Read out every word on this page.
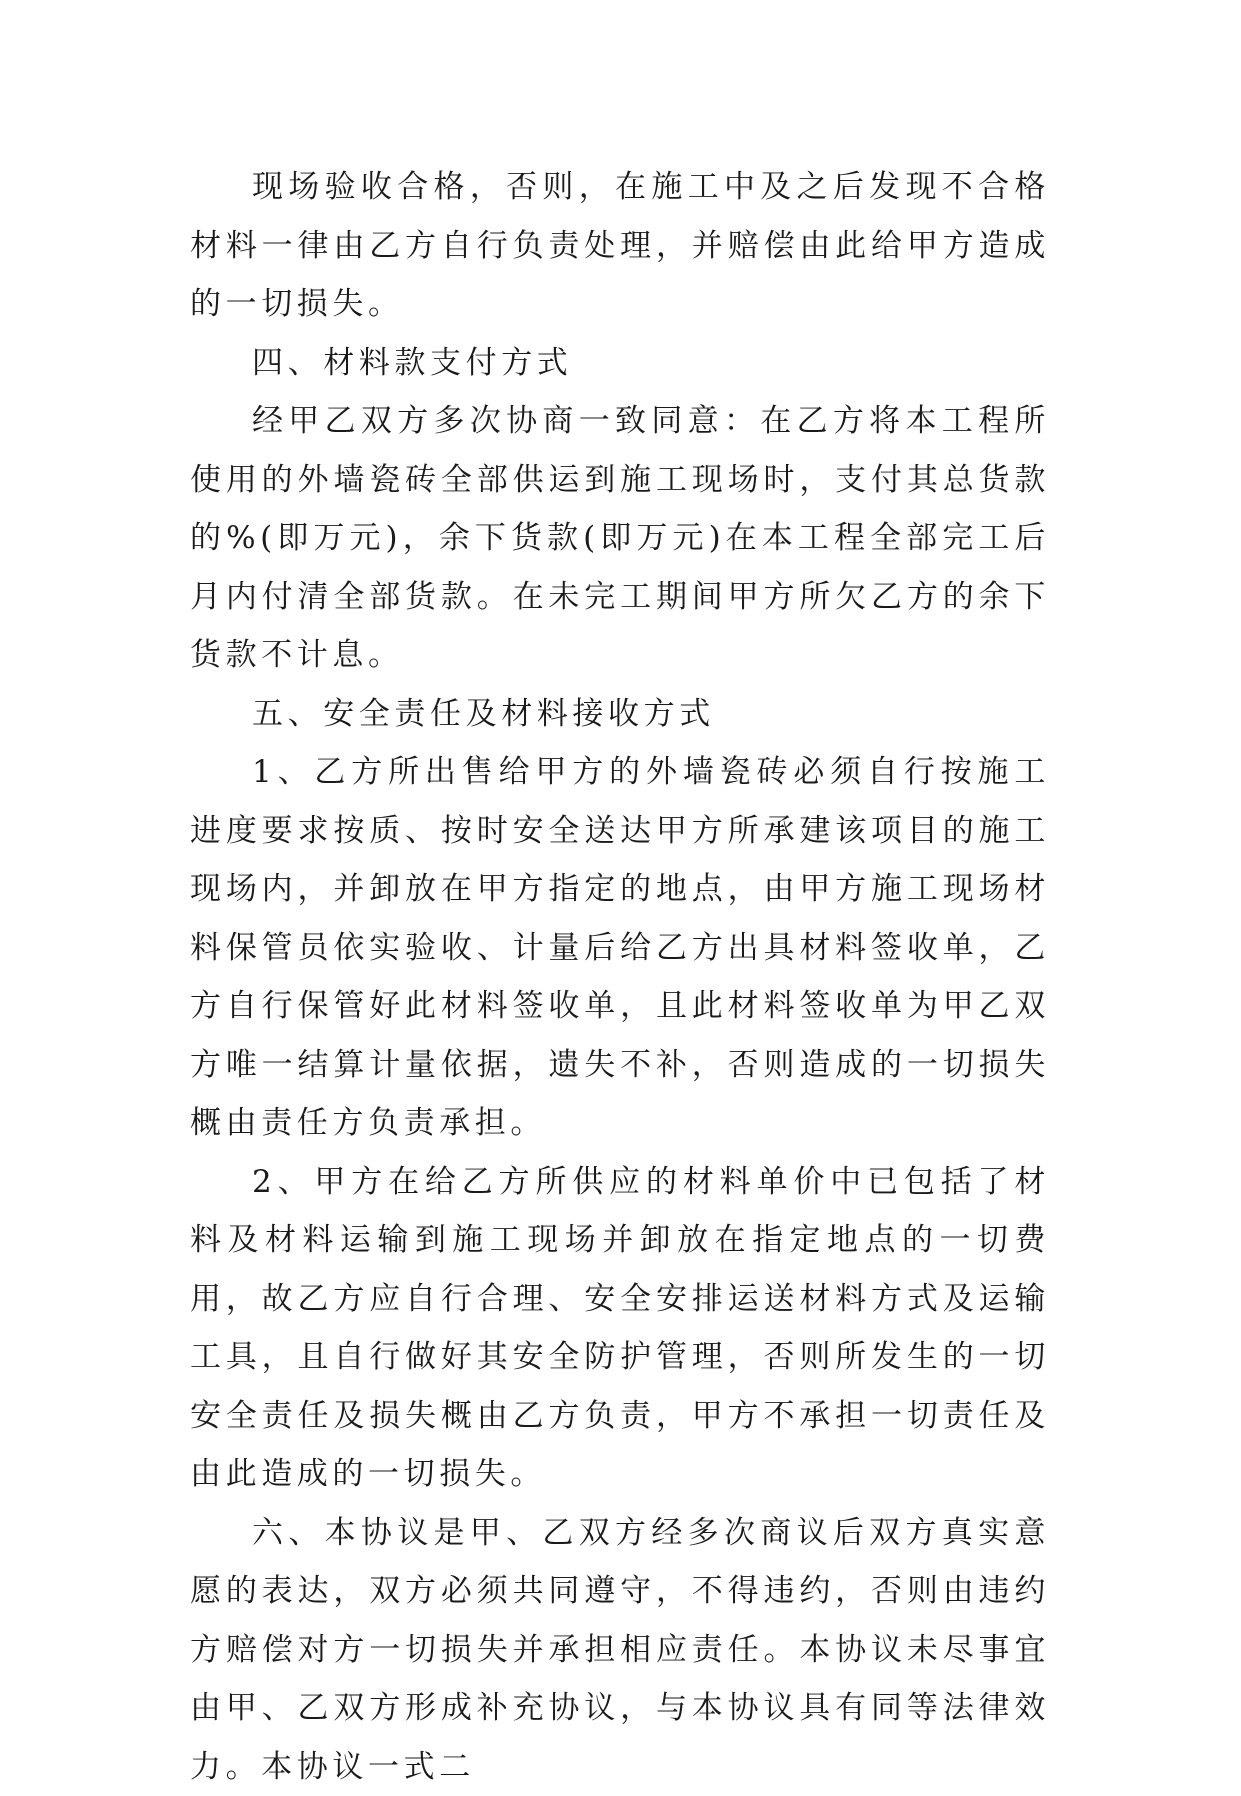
现场验收合格，否则，在施工中及之后发现不合格材料一律由乙方自行负责处理，并赔偿由此给甲方造成的一切损失。

四、材料款支付方式

经甲乙双方多次协商一致同意：在乙方将本工程所使用的外墙瓷砖全部供运到施工现场时，支付其总货款的%(即万元)，余下货款(即万元)在本工程全部完工后月内付清全部货款。在未完工期间甲方所欠乙方的余下货款不计息。

五、安全责任及材料接收方式

1、乙方所出售给甲方的外墙瓷砖必须自行按施工进度要求按质、按时安全送达甲方所承建该项目的施工现场内，并卸放在甲方指定的地点，由甲方施工现场材料保管员依实验收、计量后给乙方出具材料签收单，乙方自行保管好此材料签收单，且此材料签收单为甲乙双方唯一结算计量依据，遗失不补，否则造成的一切损失概由责任方负责承担。

2、甲方在给乙方所供应的材料单价中已包括了材料及材料运输到施工现场并卸放在指定地点的一切费用，故乙方应自行合理、安全安排运送材料方式及运输工具，且自行做好其安全防护管理，否则所发生的一切安全责任及损失概由乙方负责，甲方不承担一切责任及由此造成的一切损失。

六、本协议是甲、乙双方经多次商议后双方真实意愿的表达，双方必须共同遵守，不得违约，否则由违约方赔偿对方一切损失并承担相应责任。本协议未尽事宜由甲、乙双方形成补充协议，与本协议具有同等法律效力。本协议一式二
